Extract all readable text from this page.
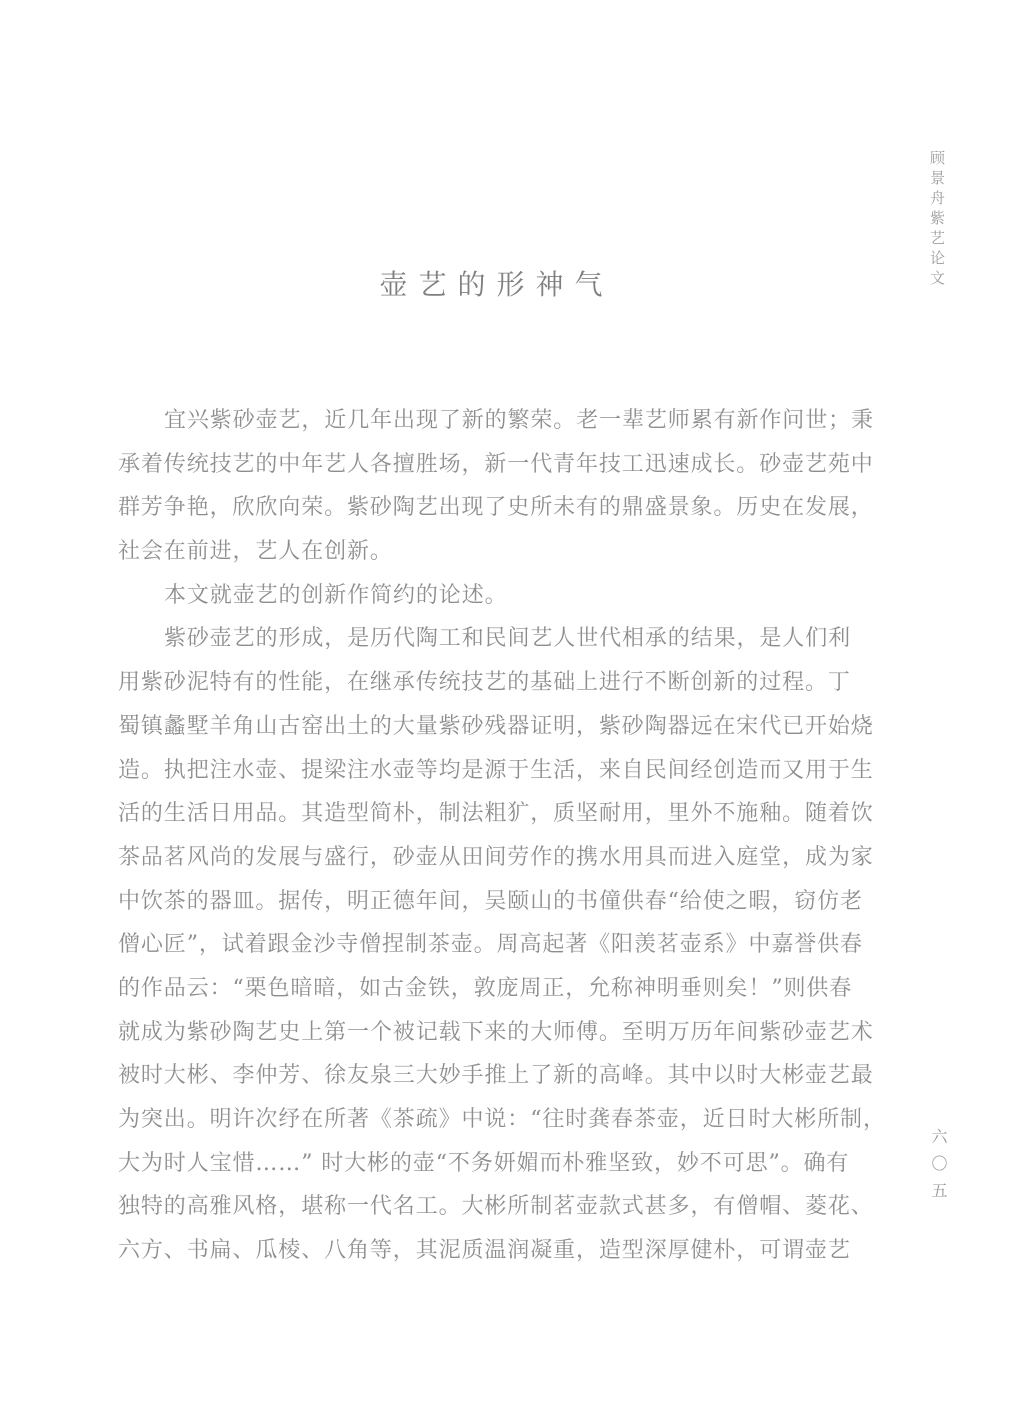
顾景舟紫艺论文
壶艺的形神气
宜兴紫砂壶艺，近几年出现了新的繁荣。老一辈艺师累有新作问世；秉
承着传统技艺的中年艺人各擅胜场，新一代青年技工迅速成长。砂壶艺苑中
群芳争艳，欣欣向荣。紫砂陶艺出现了史所未有的鼎盛景象。历史在发展，
社会在前进，艺人在创新。
本文就壶艺的创新作简约的论述。
紫砂壶艺的形成，是历代陶工和民间艺人世代相承的结果，是人们利
用紫砂泥特有的性能，在继承传统技艺的基础上进行不断创新的过程。丁
蜀镇蠡墅羊角山古窑出土的大量紫砂残器证明，紫砂陶器远在宋代已开始烧
造。执把注水壶、提梁注水壶等均是源于生活，来自民间经创造而又用于生
活的生活日用品。其造型简朴，制法粗犷，质坚耐用，里外不施釉。随着饮
茶品茗风尚的发展与盛行，砂壶从田间劳作的携水用具而进入庭堂，成为家
中饮茶的器皿。据传，明正德年间，吴颐山的书僮供春“给使之暇，窃仿老
僧心匠”，试着跟金沙寺僧捏制茶壶。周高起著《阳羡茗壶系》中嘉誉供春
的作品云：“栗色暗暗，如古金铁，敦庞周正，允称神明垂则矣！”则供春
就成为紫砂陶艺史上第一个被记载下来的大师傅。至明万历年间紫砂壶艺术
被时大彬、李仲芳、徐友泉三大妙手推上了新的高峰。其中以时大彬壶艺最
为突出。明许次纾在所著《茶疏》中说：“往时龚春茶壶，近日时大彬所制，
大为时人宝惜……” 时大彬的壶“不务妍媚而朴雅坚致，妙不可思”。确有
独特的高雅风格，堪称一代名工。大彬所制茗壶款式甚多，有僧帽、菱花、
六方、书扁、瓜棱、八角等，其泥质温润凝重，造型深厚健朴，可谓壶艺
六〇五
